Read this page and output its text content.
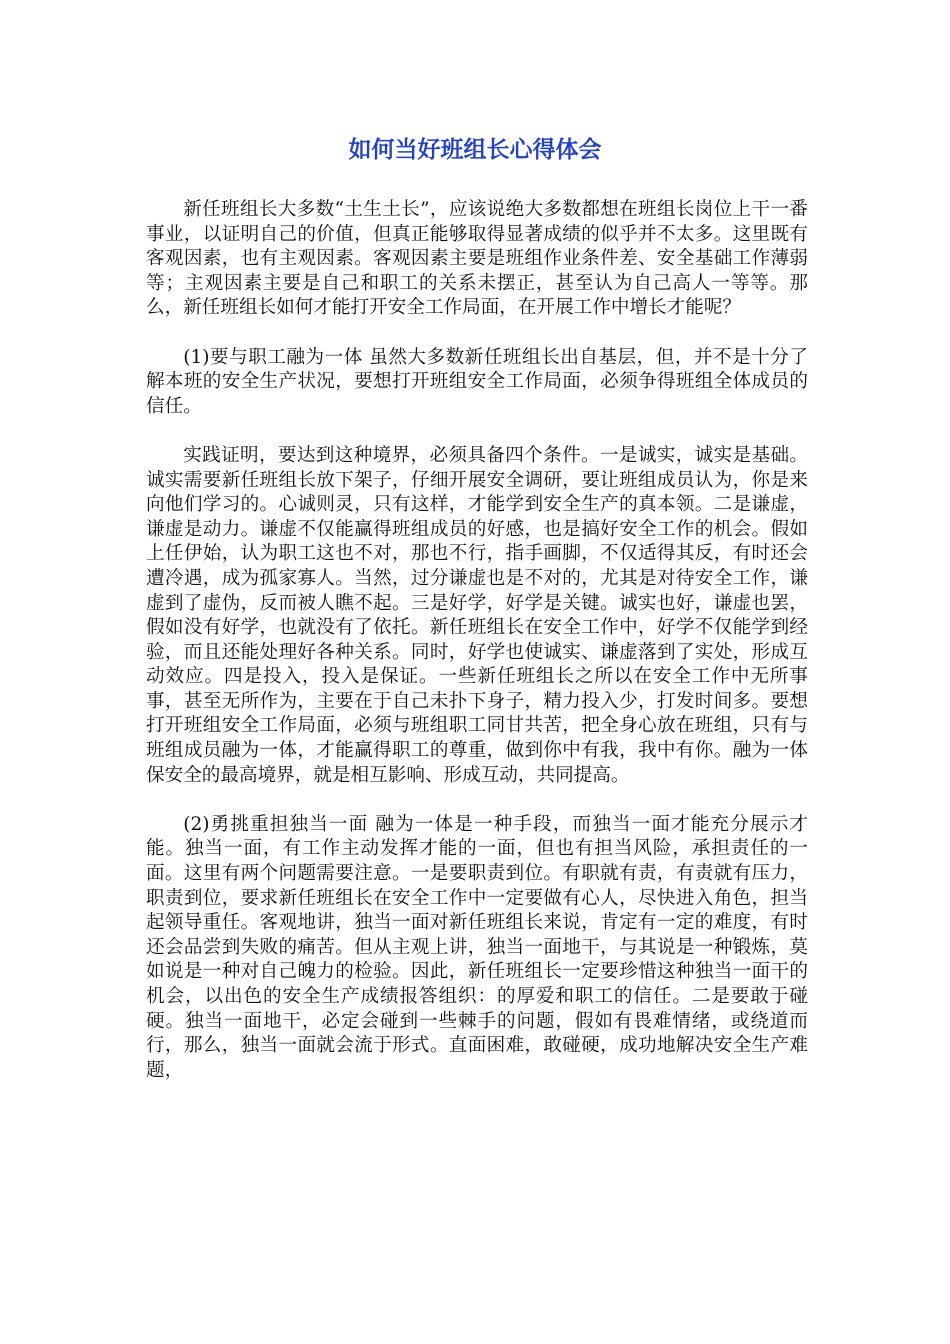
如何当好班组长心得体会

新任班组长大多数“土生土长”，应该说绝大多数都想在班组长岗位上干一番事业，以证明自己的价值，但真正能够取得显著成绩的似乎并不太多。这里既有客观因素，也有主观因素。客观因素主要是班组作业条件差、安全基础工作薄弱等；主观因素主要是自己和职工的关系未摆正，甚至认为自己高人一等等。那么，新任班组长如何才能打开安全工作局面，在开展工作中增长才能呢？

(1)要与职工融为一体 虽然大多数新任班组长出自基层，但，并不是十分了解本班的安全生产状况，要想打开班组安全工作局面，必须争得班组全体成员的信任。

实践证明，要达到这种境界，必须具备四个条件。一是诚实，诚实是基础。诚实需要新任班组长放下架子，仔细开展安全调研，要让班组成员认为，你是来向他们学习的。心诚则灵，只有这样，才能学到安全生产的真本领。二是谦虚，谦虚是动力。谦虚不仅能赢得班组成员的好感，也是搞好安全工作的机会。假如上任伊始，认为职工这也不对，那也不行，指手画脚，不仅适得其反，有时还会遭冷遇，成为孤家寡人。当然，过分谦虚也是不对的，尤其是对待安全工作，谦虚到了虚伪，反而被人瞧不起。三是好学，好学是关键。诚实也好，谦虚也罢，假如没有好学，也就没有了依托。新任班组长在安全工作中，好学不仅能学到经验，而且还能处理好各种关系。同时，好学也使诚实、谦虚落到了实处，形成互动效应。四是投入，投入是保证。一些新任班组长之所以在安全工作中无所事事，甚至无所作为，主要在于自己未扑下身子，精力投入少，打发时间多。要想打开班组安全工作局面，必须与班组职工同甘共苦，把全身心放在班组，只有与班组成员融为一体，才能赢得职工的尊重，做到你中有我，我中有你。融为一体保安全的最高境界，就是相互影响、形成互动，共同提高。

(2)勇挑重担独当一面 融为一体是一种手段，而独当一面才能充分展示才能。独当一面，有工作主动发挥才能的一面，但也有担当风险，承担责任的一面。这里有两个问题需要注意。一是要职责到位。有职就有责，有责就有压力，职责到位，要求新任班组长在安全工作中一定要做有心人，尽快进入角色，担当起领导重任。客观地讲，独当一面对新任班组长来说，肯定有一定的难度，有时还会品尝到失败的痛苦。但从主观上讲，独当一面地干，与其说是一种锻炼，莫如说是一种对自己魄力的检验。因此，新任班组长一定要珍惜这种独当一面干的机会，以出色的安全生产成绩报答组织：的厚爱和职工的信任。二是要敢于碰硬。独当一面地干，必定会碰到一些棘手的问题，假如有畏难情绪，或绕道而行，那么，独当一面就会流于形式。直面困难，敢碰硬，成功地解决安全生产难题，
